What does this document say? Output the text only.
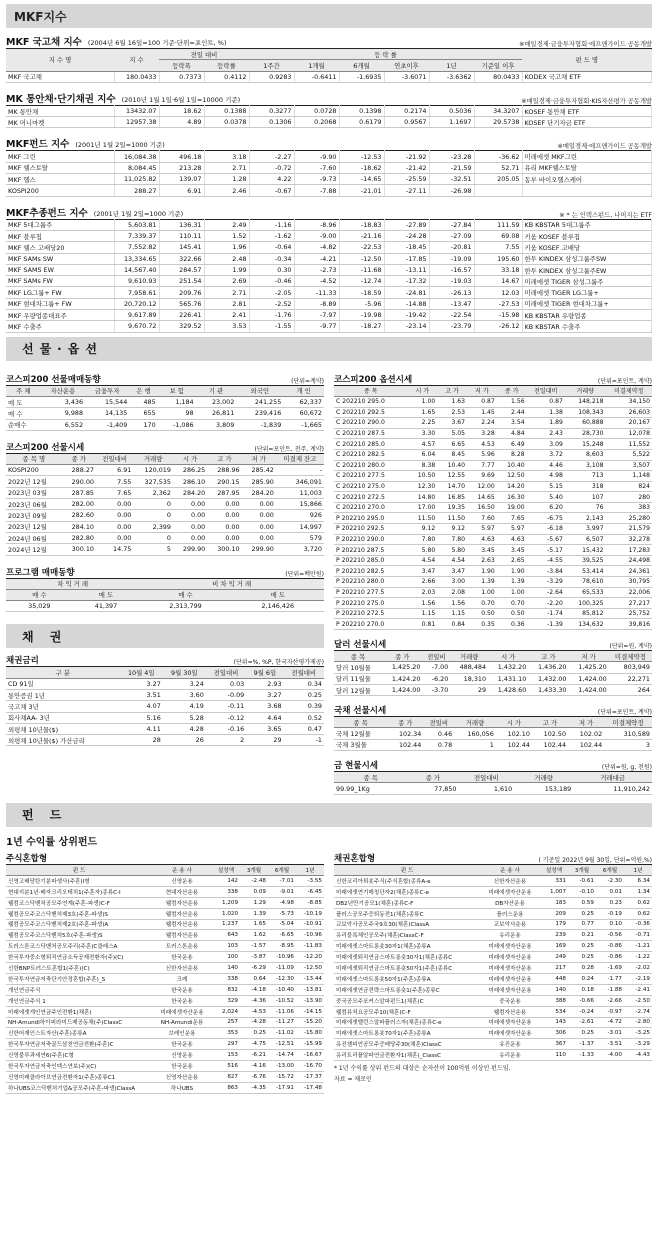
MKF지수
MKF 국고채 지수 (2004년 6월 16일=100 기준·단위=포인트, %)	※매일경제·금융투자협회·에프앤가이드 공동개발
지 수 명	지 수	전일 대비		등 락 률						펀 드 명
		등락폭	등락률	1주간	1개월	6개월	연초이후	1년	기준일 이후	
MKF 국고채	180.0433	0.7373	0.4112	0.9283	-0.6411	-1.6935	-3.6071	-3.6362	80.0433	KODEX 국고채 ETF
MK 통안채·단기채권 지수 (2010년 1월 1일·6월 1일=10000 기준)	※매일경제·금융투자협회·KIS자산평가 공동개발
MK 통안채	13432.07	18.62	0.1388	0.3277	0.0728	0.1398	0.2174	0.5036	34.3207	KOSEF 통안채 ETF
MK 머니마켓	12957.38	4.89	0.0378	0.1306	0.2068	0.6179	0.9567	1.1697	29.5738	KOSEF 단기자금 ETF
MKF펀드 지수 (2001년 1월 2일=1000 기준)	※매일경제·에프앤가이드 공동개발
MKF 그린	16,084.38	496.18	3.18	-2.27	-9.90	-12.53	-21.92	-23.28	-36.62	미래에셋 MKF그린
MKF 웰스토탈	8,084.45	213.28	2.71	-0.72	-7.60	-18.62	-21.42	-21.59	52.71	유리 MKF웰스토탈
MKF 헬스	11,025.82	139.07	1.28	4.22	-9.73	-14.65	-25.59	-32.51	205.05	동부 바이오헬스케어
KOSPI200	288.27	6.91	2.46	-0.67	-7.88	-21.01	-27.11	-26.98		
MKF추종펀드 지수 (2001년 1월 2일=1000 기준)	※ * 는 인덱스펀드, 나머지는 ETF
MKF 5대그룹주	5,603.81	136.31	2.49	-1.16	-8.96	-18.83	-27.89	-27.84	111.59	KB KBSTAR 5대그룹주
MKF 블루칩	7,339.37	110.11	1.52	-1.62	-9.00	-21.16	-24.28	-27.09	69.08	키움 KOSEF 블루칩
MKF 웰스 고배당20	7,552.82	145.41	1.96	-0.64	-4.82	-22.53	-18.45	-20.81	7.55	키움 KOSEF 고배당
MKF SAMs SW	13,334.65	322.66	2.48	-0.34	-4.21	-12.50	-17.85	-19.09	195.60	한투 KINDEX 삼성그룹주SW
MKF SAMS EW	14,567.40	284.57	1.99	0.30	-2.73	-11.68	-13.11	-16.57	33.18	한투 KINDEX 삼성그룹주EW
MKF SAMs FW	9,610.93	251.54	2.69	-0.46	-4.52	-12.74	-17.32	-19.03	14.67	미래에셋 TIGER 삼성그룹주
MKF LG그룹+ FW	7,958.61	209.76	2.71	-2.05	-11.33	-18.59	-24.81	-26.13	12.03	미래에셋 TIGER LG그룹+
MKF 현대차그룹+ FW	20,720.12	565.76	2.81	-2.52	-8.89	-5.96	-14.88	-13.47	-27.53	미래에셋 TIGER 현대차그룹+
MKF 우량업종대표주	9,617.89	226.41	2.41	-1.76	-7.97	-19.98	-19.42	-22.54	-15.98	KB KBSTAR 우량업종
MKF 수출주	9,670.72	329.52	3.53	-1.55	-9.77	-18.27	-23.14	-23.79	-26.12	KB KBSTAR 수출주
선물·옵션
코스피200 선물매매동향	(단위=계약)
주 체	자산운용	금융투자	은 행	보 험	기 관	외국인	개 인
매 도	3,436	15,544	485	1,184	23,002	241,255	62,337
매 수	9,988	14,135	655	98	26,811	239,416	60,672
순매수	6,552	-1,409	170	-1,086	3,809	-1,839	-1,665
코스피200 선물시세	(단위=포인트, 천주, 계약)
종 목 명	종 가	전일대비	거래량	시 가	고 가	저 가	미결제 잔고
KOSPI200	288.27	6.91	120,019	286.25	288.96	285.42	-
2022년 12월	290.00	7.55	327,535	286.10	290.15	285.90	346,091
2023년 03월	287.85	7.65	2,362	284.20	287.95	284.20	11,003
2023년 06월	282.00	0.00	0	0.00	0.00	0.00	15,866
2023년 09월	282.60	0.00	0	0.00	0.00	0.00	926
2023년 12월	284.10	0.00	2,399	0.00	0.00	0.00	14,997
2024년 06월	282.80	0.00	0	0.00	0.00	0.00	579
2024년 12월	300.10	14.75	5	299.90	300.10	299.90	3,720
프로그램 매매동향	(단위=백만원)
차 익 거 래		비 차 익 거 래	
매 수	매 도	매 수	매 도
35,029	41,397	2,313,799	2,146,426
채 권
채권금리	(단위=%, %P, 한국자산평가제공)
구 분	10월 4일	9월 30일	전일대비	9월 6일	전월대비
CD 91일	3.27	3.24	0.03	2.93	0.34
통안증권 1년	3.51	3.60	-0.09	3.27	0.25
국고채 3년	4.07	4.19	-0.11	3.68	0.39
회사채AA- 3년	5.16	5.28	-0.12	4.64	0.52
외평채 10년물($)	4.11	4.28	-0.16	3.65	0.47
외평채 10년물($) 가산금리	28	26	2	29	-1
코스피200 옵션시세	(단위=포인트, 계약)
종 목	시 가	고 가	저 가	종 가	전일대비	거래량	미결제약정
C 202210 295.0	1.00	1.63	0.87	1.56	0.87	148,218	34,150
C 202210 292.5	1.65	2.53	1.45	2.44	1.38	108,343	26,603
C 202210 290.0	2.25	3.67	2.24	3.54	1.89	60,888	20,167
C 202210 287.5	3.30	5.05	3.28	4.84	2.43	28,730	12,078
C 202210 285.0	4.57	6.65	4.53	6.49	3.09	15,248	11,552
C 202210 282.5	6.04	8.45	5.96	8.28	3.72	8,603	5,522
C 202210 280.0	8.38	10.40	7.77	10.40	4.46	3,108	3,507
C 202210 277.5	10.50	12.55	9.69	12.50	4.98	713	1,148
C 202210 275.0	12.30	14.70	12.00	14.20	5.15	318	824
C 202210 272.5	14.80	16.85	14.65	16.30	5.40	107	280
C 202210 270.0	17.00	19.35	16.50	19.00	6.20	76	383
P 202210 295.0	11.50	11.50	7.60	7.65	-6.75	2,143	25,280
P 202210 292.5	9.12	9.12	5.97	5.97	-6.18	3,997	21,579
P 202210 290.0	7.80	7.80	4.63	4.63	-5.67	6,507	32,278
P 202210 287.5	5.80	5.80	3.45	3.45	-5.17	15,432	17,283
P 202210 285.0	4.54	4.54	2.63	2.65	-4.55	39,525	24,498
P 202210 282.5	3.47	3.47	1.90	1.90	-3.84	53,414	24,361
P 202210 280.0	2.66	3.00	1.39	1.39	-3.29	78,610	30,795
P 202210 277.5	2.03	2.08	1.00	1.00	-2.64	65,533	22,006
P 202210 275.0	1.56	1.56	0.70	0.70	-2.20	100,325	27,217
P 202210 272.5	1.15	1.15	0.50	0.50	-1.74	85,812	25,752
P 202210 270.0	0.81	0.84	0.35	0.36	-1.39	134,632	39,816
달러 선물시세	(단위=원, 계약)
종 목	종 가	전일비	거래량	시 가	고 가	저 가	미결제약정
달러 10월물	1,425.20	-7.00	488,484	1,432.20	1,436.20	1,425.20	803,949
달러 11월물	1,424.20	-6.20	18,310	1,431.10	1,432.00	1,424.00	22,271
달러 12월물	1,424.00	-3.70	29	1,428.60	1,433.30	1,424.00	264
국채 선물시세	(단위=포인트, 계약)
종 목	종 가	전일비	거래량	시 가	고 가	저 가	미결제약정
국채 12월물	102.34	0.46	160,056	102.10	102.50	102.02	310,589
국채 3월물	102.44	0.78	1	102.44	102.44	102.44	3
금 현물시세	(단위=원, g, 천원)
종 목	종 가	전일대비	거래량	거래대금
99.99_1Kg	77,850	1,610	153,189	11,910,242
펀 드
1년 수익률 상위펀드
주식혼합형
펀 드	운 용 사	설정액	3개월	6개월	1년
신영고배당탄기분파생사(주혼)I형	신영운용	142	-2.48	-7.01	-3.55
현대지분1년·배자크리오테치1(주혼자)종류C-I	현대자산운용	338	0.09	-9.01	-6.45
웰컴코스닥벤처공모주연계(주혼-파생)C-F	웰컴자산운용	1,209	1.29	-4.98	-8.85
웰컴공모주코스닥벤처제3호(주혼-파생)S	웰컴자산운용	1,020	1.39	-5.73	-10.19
웰컴공모주코스닥벤처제2호(주혼-파생)A	웰컴자산운용	1,237	1.65	-5.04	-10.91
웰컴공모주코스닥벤처5호(주혼-파생)S	웰컴자산운용	643	1.62	-6.65	-10.96
트러스톤코스닥벤처공모주리(주혼)C클래스A	트러스톤운용	103	-1.57	-8.95	-11.83
한국투자중소형퇴직연금소득공제전환자(주)(C)	한국운용	100	-3.87	-10.96	-12.20
신한BNP트러스트혼합1(주혼)(C)	신한자산운용	140	-6.29	-11.09	-12.50
한국투자연금저축단기안정혼합(주혼)_S	크레	338	0.64	-12.30	-13.44
개인연금주식	한국운용	832	-4.18	-10.40	-13.81
개인연금주식 1	한국운용	329	-4.36	-10.52	-13.90
미래에셋개인연금주인전환1(채혼)	미래에셋자산운용	2,024	-4.53	-11.06	-14.15
NH-Amundi하이피라미드제공동채(주)ClassC	NH-Amundi운용	257	-4.28	-11.27	-15.20
신한어재인스트자산(주혼)종류A	브레인운용	353	0.25	-11.02	-15.80
한국투자연금저축골드삼천연금전환(주혼)C	한국운용	297	-4.75	-12.51	-15.99
신영불루과세연6(주혼)C형	신영운용	153	-6.21	-14.74	-16.67
한국투자연금저축인덱스연보(주)(C)	한국운용	516	-4.16	-13.00	-16.70
신영미래클라아브연금전환자1(주혼)종류C1	신영자산운용	827	-6.76	-15.72	-17.37
하나UBS코스닥벤처기업&공모주(주혼-파생)ClassA	하나UBS	863	-4.35	-17.91	-17.48
채권혼합형	( 기준일 2022년 9월 30일, 단위=억원,%)
펀 드	운 용 사	설정액	3개월	6개월	1년
신한코리아퇴숏주식(주식혼합)종류A-e	신한자산운용	331	-0.61	-2.30	6.34
미래에셋연기매칭단자2(채혼)종류C-e	미래에셋자산운용	1,007	-0.10	0.01	1.34
DB2년만기공모1(채혼)종류C-F	DB자산운용	183	0.59	0.23	0.62
플러스공모주증퇴동전1(채혼)종류C	플러스운용	209	0.25	-0.19	0.62
교보악사공모주국9호30(채혼)ClassA	교보악사운용	179	0.77	0.10	-0.36
유리블록체인공모주(채혼)ClassC-F	유리운용	239	0.21	-0.56	-0.71
미래에셋스마트롱숏30자1(채혼)종류A	미래에셋자산운용	169	0.25	-0.86	-1.21
미래에셋퇴직연금스마트롱숏30자1(채혼)종류C	미래에셋자산운용	249	0.25	-0.86	-1.22
미래에셋퇴직연금스마트롱숏50자1(주혼)종류C	미래에셋자산운용	217	0.28	-1.69	-2.02
미래에셋스마트롱숏50자1(주혼)종류A	미래에셋자산운용	448	0.24	-1.77	-2.19
미래에셋연금전략스마트롱숏1(주혼)종류C	미래에셋자산운용	140	0.18	-1.88	-2.41
중국공모주포커스알파펀드1(채혼)C	중국운용	388	-0.66	-2.66	-2.50
웰컴퓨처요공모주10(채혼)C-F	웰컴자산운용	534	-0.24	-0.97	-2.74
미래에셋밸런스알파플러스자(채혼)종류C-e	미래에셋자산운용	143	-2.61	-4.72	-2.80
미래에셋스마트롱숏70자1(주혼)종류A	미래에셋자산운용	306	0.25	-3.01	-3.25
유진챔피언공모주증배당주30(채혼)ClassC	유진운용	367	-1.37	-3.51	-3.29
유리트리플알파연금전환자1(채혼)_ClassC	유리운용	110	-1.33	-4.00	-4.43
* 1년 수익률 상위 펀드의 대상은 순자산이 100억원 이상인 펀드임.
자료 = 제로인
